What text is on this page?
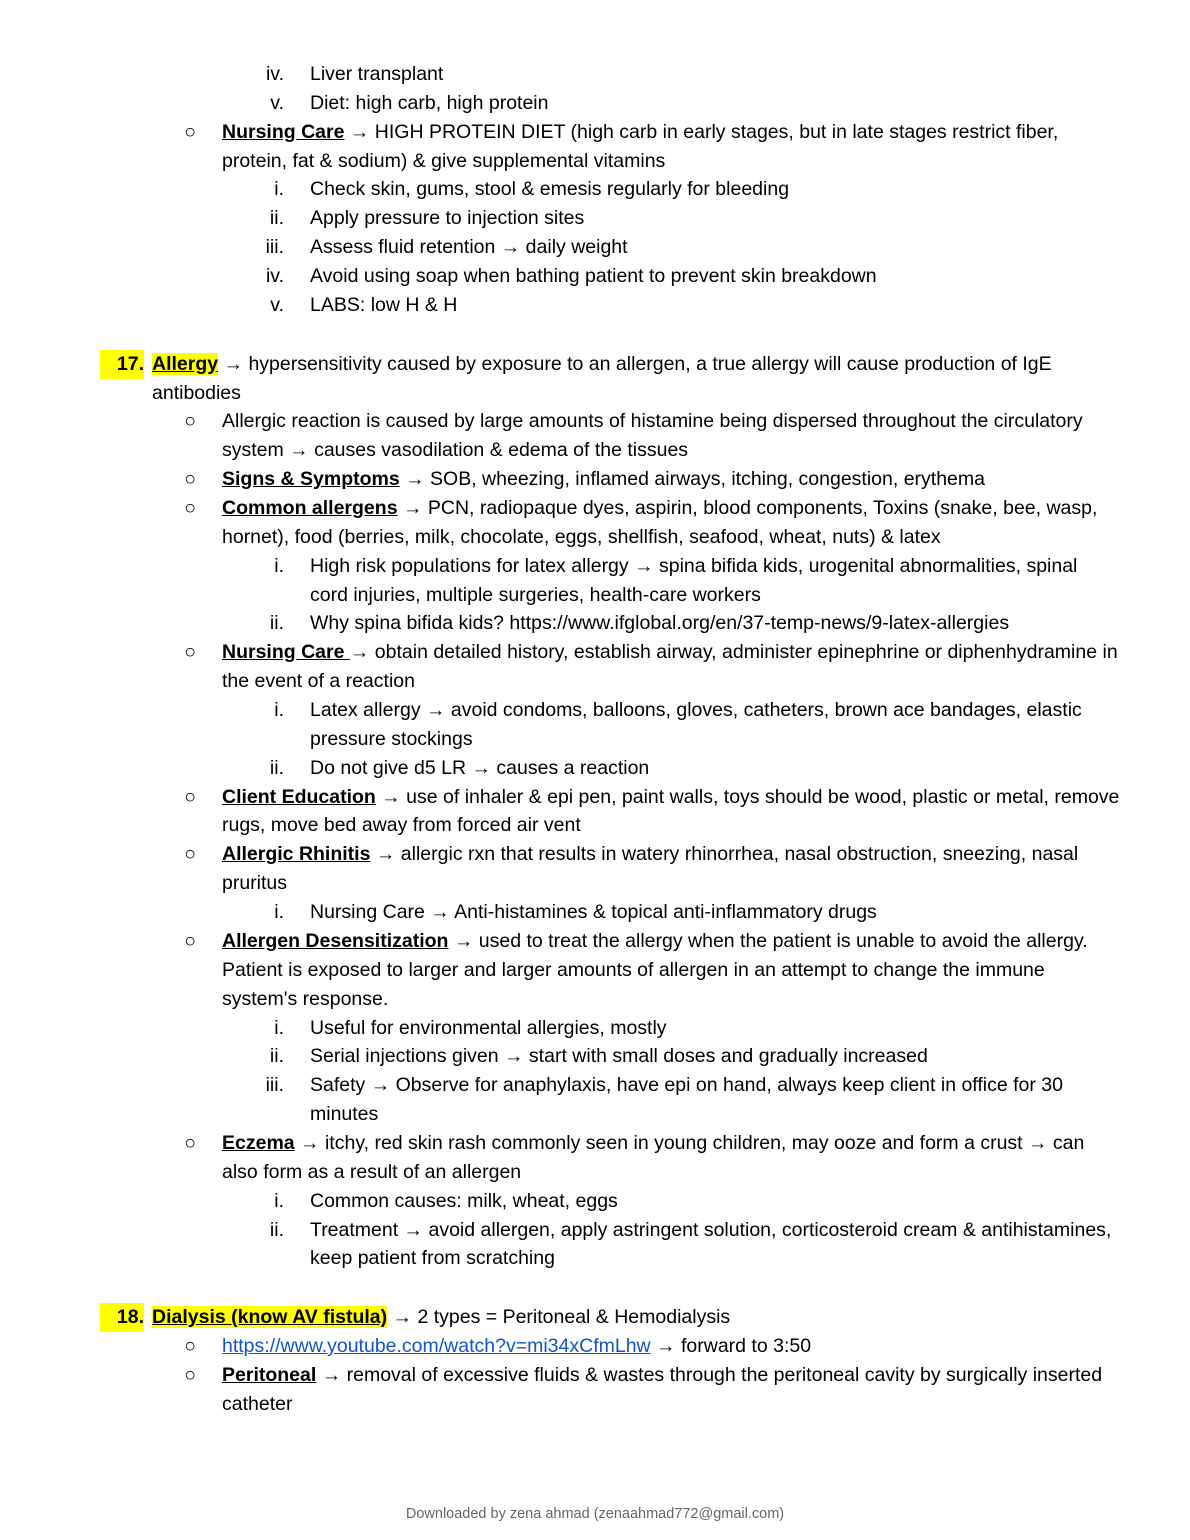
iv. Liver transplant
v. Diet: high carb, high protein
○ Nursing Care → HIGH PROTEIN DIET (high carb in early stages, but in late stages restrict fiber, protein, fat & sodium) & give supplemental vitamins
i. Check skin, gums, stool & emesis regularly for bleeding
ii. Apply pressure to injection sites
iii. Assess fluid retention → daily weight
iv. Avoid using soap when bathing patient to prevent skin breakdown
v. LABS: low H & H
17. Allergy → hypersensitivity caused by exposure to an allergen, a true allergy will cause production of IgE antibodies
○ Allergic reaction is caused by large amounts of histamine being dispersed throughout the circulatory system → causes vasodilation & edema of the tissues
○ Signs & Symptoms → SOB, wheezing, inflamed airways, itching, congestion, erythema
○ Common allergens → PCN, radiopaque dyes, aspirin, blood components, Toxins (snake, bee, wasp, hornet), food (berries, milk, chocolate, eggs, shellfish, seafood, wheat, nuts) & latex
i. High risk populations for latex allergy → spina bifida kids, urogenital abnormalities, spinal cord injuries, multiple surgeries, health-care workers
ii. Why spina bifida kids? https://www.ifglobal.org/en/37-temp-news/9-latex-allergies
○ Nursing Care → obtain detailed history, establish airway, administer epinephrine or diphenhydramine in the event of a reaction
i. Latex allergy → avoid condoms, balloons, gloves, catheters, brown ace bandages, elastic pressure stockings
ii. Do not give d5 LR → causes a reaction
○ Client Education → use of inhaler & epi pen, paint walls, toys should be wood, plastic or metal, remove rugs, move bed away from forced air vent
○ Allergic Rhinitis → allergic rxn that results in watery rhinorrhea, nasal obstruction, sneezing, nasal pruritus
i. Nursing Care → Anti-histamines & topical anti-inflammatory drugs
○ Allergen Desensitization → used to treat the allergy when the patient is unable to avoid the allergy. Patient is exposed to larger and larger amounts of allergen in an attempt to change the immune system's response.
i. Useful for environmental allergies, mostly
ii. Serial injections given → start with small doses and gradually increased
iii. Safety → Observe for anaphylaxis, have epi on hand, always keep client in office for 30 minutes
○ Eczema → itchy, red skin rash commonly seen in young children, may ooze and form a crust → can also form as a result of an allergen
i. Common causes: milk, wheat, eggs
ii. Treatment → avoid allergen, apply astringent solution, corticosteroid cream & antihistamines, keep patient from scratching
18. Dialysis (know AV fistula) → 2 types = Peritoneal & Hemodialysis
○ https://www.youtube.com/watch?v=mi34xCfmLhw → forward to 3:50
○ Peritoneal → removal of excessive fluids & wastes through the peritoneal cavity by surgically inserted catheter
Downloaded by zena ahmad (zenaahmad772@gmail.com)
